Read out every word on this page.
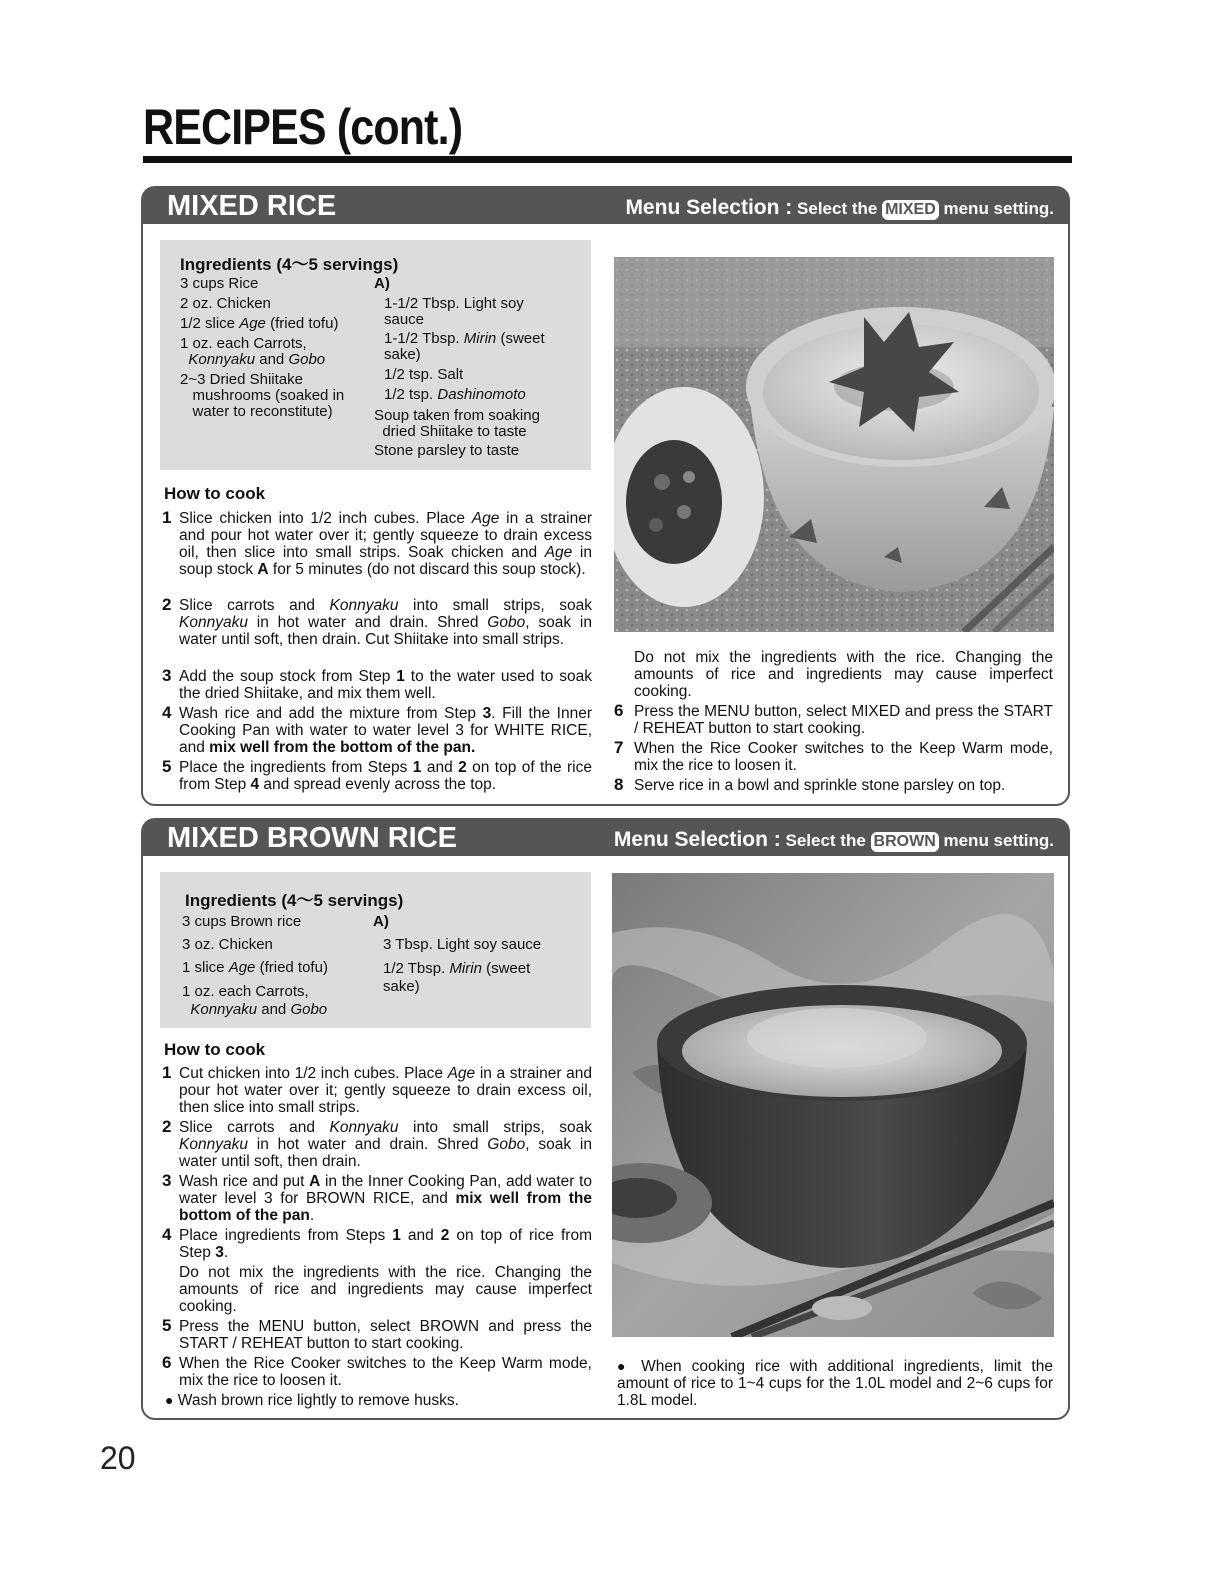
RECIPES (cont.)
MIXED RICE	Menu Selection : Select the MIXED menu setting.
Ingredients (4～5 servings)
3 cups Rice
2 oz. Chicken
1/2 slice Age (fried tofu)
1 oz. each Carrots,
Konnyaku and Gobo
2~3 Dried Shiitake
mushrooms (soaked in
water to reconstitute)
A)
1-1/2 Tbsp. Light soy
sauce
1-1/2 Tbsp. Mirin (sweet
sake)
1/2 tsp. Salt
1/2 tsp. Dashinomoto
Soup taken from soaking
dried Shiitake to taste
Stone parsley to taste
How to cook
1 Slice chicken into 1/2 inch cubes. Place Age in a strainer and pour hot water over it; gently squeeze to drain excess oil, then slice into small strips. Soak chicken and Age in soup stock A for 5 minutes (do not discard this soup stock).
2 Slice carrots and Konnyaku into small strips, soak Konnyaku in hot water and drain. Shred Gobo, soak in water until soft, then drain. Cut Shiitake into small strips.
3 Add the soup stock from Step 1 to the water used to soak the dried Shiitake, and mix them well.
4 Wash rice and add the mixture from Step 3. Fill the Inner Cooking Pan with water to water level 3 for WHITE RICE, and mix well from the bottom of the pan.
5 Place the ingredients from Steps 1 and 2 on top of the rice from Step 4 and spread evenly across the top.
Do not mix the ingredients with the rice. Changing the amounts of rice and ingredients may cause imperfect cooking.
6 Press the MENU button, select MIXED and press the START / REHEAT button to start cooking.
7 When the Rice Cooker switches to the Keep Warm mode, mix the rice to loosen it.
8 Serve rice in a bowl and sprinkle stone parsley on top.
MIXED BROWN RICE	Menu Selection : Select the BROWN menu setting.
Ingredients (4～5 servings)
3 cups Brown rice
3 oz. Chicken
1 slice Age (fried tofu)
1 oz. each Carrots,
Konnyaku and Gobo
A)
3 Tbsp. Light soy sauce
1/2 Tbsp. Mirin (sweet
sake)
How to cook
1 Cut chicken into 1/2 inch cubes. Place Age in a strainer and pour hot water over it; gently squeeze to drain excess oil, then slice into small strips.
2 Slice carrots and Konnyaku into small strips, soak Konnyaku in hot water and drain. Shred Gobo, soak in water until soft, then drain.
3 Wash rice and put A in the Inner Cooking Pan, add water to water level 3 for BROWN RICE, and mix well from the bottom of the pan.
4 Place ingredients from Steps 1 and 2 on top of rice from Step 3.
Do not mix the ingredients with the rice. Changing the amounts of rice and ingredients may cause imperfect cooking.
5 Press the MENU button, select BROWN and press the START / REHEAT button to start cooking.
6 When the Rice Cooker switches to the Keep Warm mode, mix the rice to loosen it.
● Wash brown rice lightly to remove husks.
● When cooking rice with additional ingredients, limit the amount of rice to 1~4 cups for the 1.0L model and 2~6 cups for 1.8L model.
20
